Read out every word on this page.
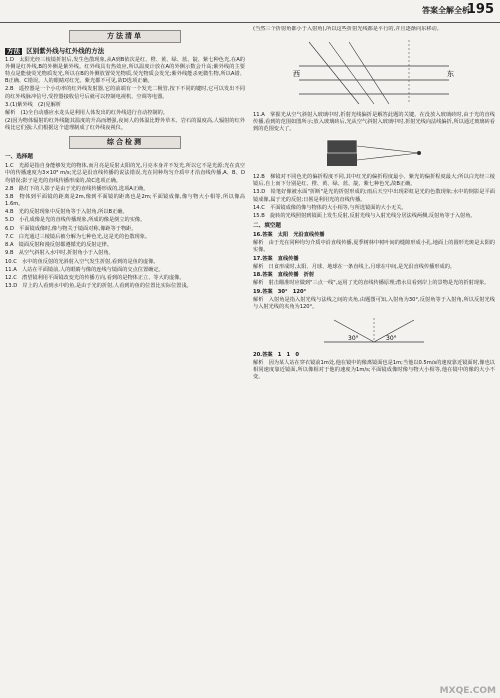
答案全解全析
195
方法清单
方法 区别紫外线与红外线的方法

1.D　太阳光经三棱镜折射后,发生色散现象,从A到B依次是红、橙、黄、绿、蓝、靛、紫七种色光,在A的外侧是红外线,B的外侧是紫外线。红外线具有热效应,所以温度计放在A的外侧示数会升高;紫外线的主要特点是能使荧光物质发光,所以在B的外侧放置荧光物质,荧光物质会发光;紫外线能杀死微生物,所以A错、B正确、C错误。人的眼睛对红光、紫光都不可见,故D选项正确。

2.B　遥控器是一个小功率的红外线发射器,它的前端有一个发光二极管,按下不同的键时,它可以发出不同的红外线脉冲信号,受控器接收信号后就可以控制电视机、空调等电器。

3.(1)紫外线　(2)见解析

解析　(1)全自动感应水龙头是利用人体发出的红外线进行自动控制的。

(2)因为物体辐射的红外线随其温度的升高而增强,夜间人的体温比野外草木、岩石的温度高,人辐射的红外线比它们强;人们根据这个道理制成了红外线夜视仪。

综合检测
一、选择题

1.C　光源是指自身能够发光的物体,而月亮是反射太阳的光,月亮本身并不发光,所以它不是光源;光在真空中的传播速度为3×10⁸ m/s;光总是沿直线传播的说法错误,光在同种均匀介质中才沿直线传播,A、B、D均错误;影子是光的直线传播形成的,故C选项正确。

2.B　路灯下的人影子是由于光的直线传播形成的,选项A正确。

3.B　物体到平面镜的距离是2m,像到平面镜的距离也是2m;平面镜成像,像与物大小相等,所以像高1.6m。

4.B　光的反射现象中反射角等于入射角,所以B正确。

5.D　小孔成像是光的直线传播现象,所成的像是倒立的实像。

6.D　平面镜成像时,像与物关于镜面对称,像距等于物距。

7.C　白光通过三棱镜后被分解为七种色光,这是光的色散现象。

8.A　镜面反射和漫反射都遵循光的反射定律。

9.B　从空气斜射入水中时,折射角小于入射角。

10.C　水中的鱼反射的光斜射入空气发生折射,看到的是鱼的虚像。

11.A　人站在平面镜前,人的眼睛与像的连线与镜面的交点位置确定。

12.C　潜望镜利用平面镜改变光的传播方向,看到的是物体正立、等大的虚像。

13.D　岸上的人看到水中的鱼,是由于光的折射,人看到的鱼的位置比实际位置浅。

(当然三个折射角都小于入射角),所以这些折射光线都是平行的,并且逐渐向东移动。

西	东

11.A　掌握光从空气斜射入玻璃中时,折射光线偏折是解答此题的关键。在没放入玻璃砖时,由于光的直线传播,看到的范围如图所示;放入玻璃砖后,光从空气斜射入玻璃中时,折射光线向法线偏折,所以通过玻璃砖看到的范围变大了。

12.B　梯镜对不同色光的偏折程度不同,其中红光的偏折程度最小、紫光的偏折程度最大;所以白光经三棱镜后,自上而下分别是红、橙、黄、绿、蓝、靛、紫七种色光,故B正确。

13.D　铅笔好像被水面"折断"是光的折射形成的;雨后天空中出现彩虹是光的色散现象;水中的倒影是平面镜成像,属于光的反射;日晷是利用光的直线传播。

14.C　平面镜成像的像与物体的大小相等,与所选镜面的大小无关。

15.B　旋转的光线照射到镜面上发生反射,反射光线与入射光线分居法线两侧,反射角等于入射角。

二、填空题

16.答案　太阳　光沿直线传播

解析　由于光在同种均匀介质中沿直线传播,夏季树林中树叶间的缝隙形成小孔,地面上的圆形光斑是太阳的实像。

17.答案　直线传播

解析　日食形成时,太阳、月球、地球在一条直线上,月球在中间,是光沿直线传播形成的。

18.答案　直线传播　折射

解析　射击瞄准时应做到"三点一线",运用了光的直线传播原理;潜水员看到岸上的景物是光的折射现象。

19.答案　30°　120°

解析　入射角是指入射光线与法线之间的夹角,由题图可知,入射角为30°,反射角等于入射角,所以反射光线与入射光线的夹角为120°。

30°	30°

20.答案　1　1　0

解析　因为某人站在穿衣镜前1m处,他在镜中的像离镜面也是1m;当他以0.5m/s的速度靠近镜面时,像也以相同速度靠近镜面,所以像相对于他的速度为1m/s;平面镜成像时像与物大小相等,他在镜中的像的大小不变。

MXQE.COM
